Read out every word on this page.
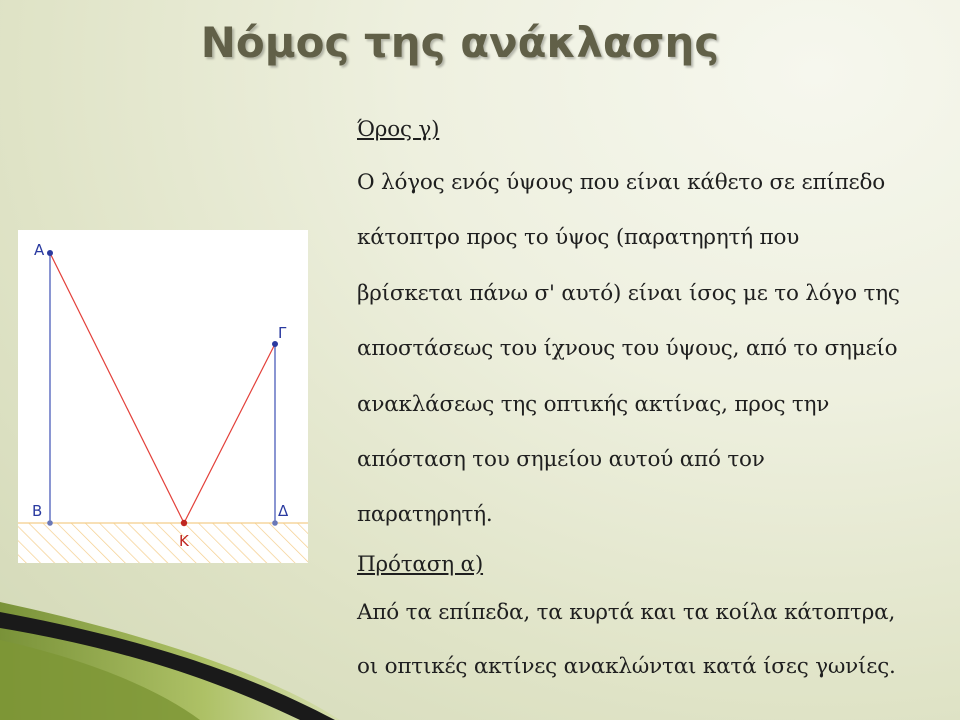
Νόμος της ανάκλασης
Α
Γ
Β	Δ
Κ
Όρος γ)
Ο λόγος ενός ύψους που είναι κάθετο σε επίπεδο
κάτοπτρο προς το ύψος (παρατηρητή που
βρίσκεται πάνω σ' αυτό) είναι ίσος με το λόγο της
αποστάσεως του ίχνους του ύψους, από το σημείο
ανακλάσεως της οπτικής ακτίνας, προς την
απόσταση του σημείου αυτού από τον
παρατηρητή.
Πρόταση α)
Από τα επίπεδα, τα κυρτά και τα κοίλα κάτοπτρα,
οι οπτικές ακτίνες ανακλώνται κατά ίσες γωνίες.
